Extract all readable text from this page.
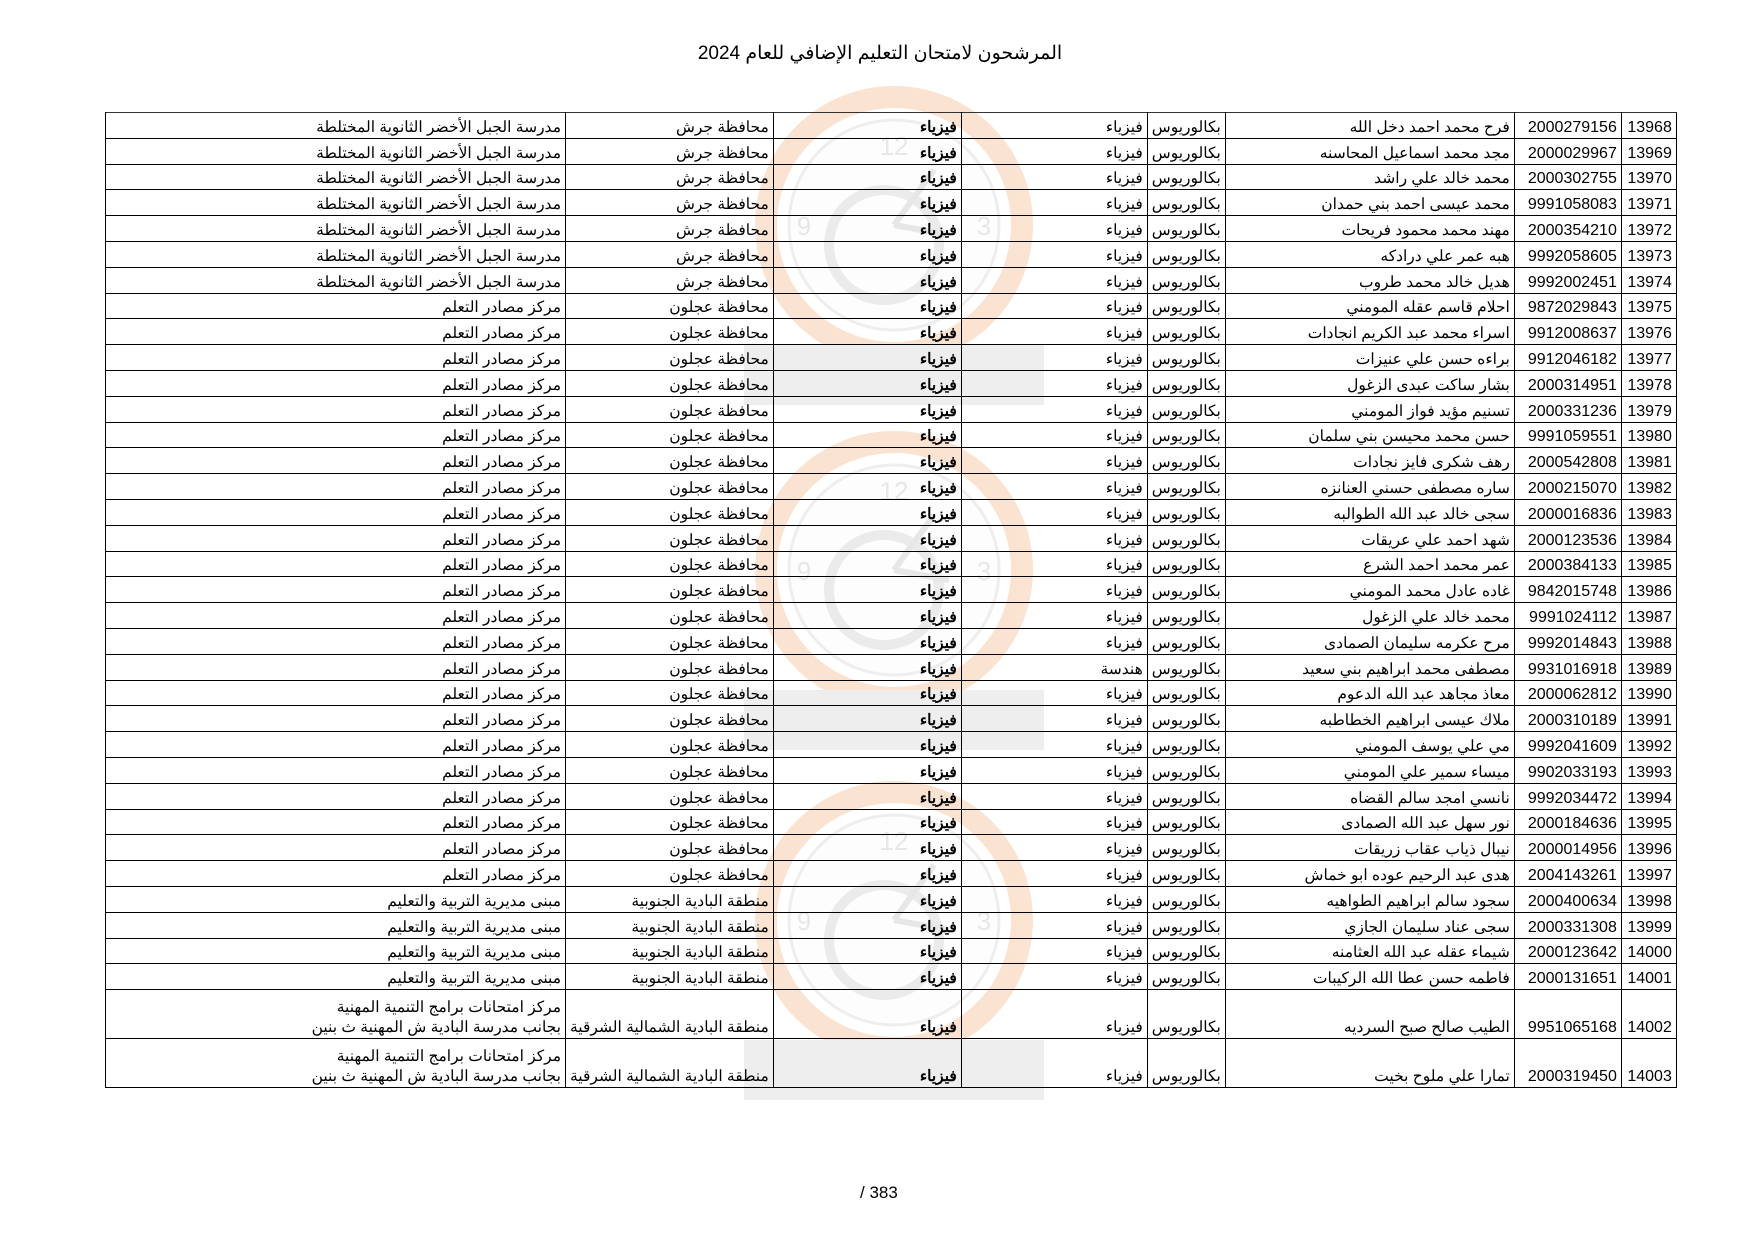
12
9	3
12
9	3
12
9	3
المرشحون لامتحان التعليم الإضافي للعام 2024
13968	2000279156	فرح محمد احمد دخل الله	بكالوريوس	فيزياء	فيزياء	محافظة جرش	مدرسة الجبل الأخضر الثانوية المختلطة

13969	2000029967	مجد محمد اسماعيل المحاسنه	بكالوريوس	فيزياء	فيزياء	محافظة جرش	مدرسة الجبل الأخضر الثانوية المختلطة

13970	2000302755	محمد خالد علي راشد	بكالوريوس	فيزياء	فيزياء	محافظة جرش	مدرسة الجبل الأخضر الثانوية المختلطة

13971	9991058083	محمد عيسى احمد بني حمدان	بكالوريوس	فيزياء	فيزياء	محافظة جرش	مدرسة الجبل الأخضر الثانوية المختلطة

13972	2000354210	مهند محمد محمود فريحات	بكالوريوس	فيزياء	فيزياء	محافظة جرش	مدرسة الجبل الأخضر الثانوية المختلطة

13973	9992058605	هبه عمر علي درادكه	بكالوريوس	فيزياء	فيزياء	محافظة جرش	مدرسة الجبل الأخضر الثانوية المختلطة

13974	9992002451	هديل خالد محمد طروب	بكالوريوس	فيزياء	فيزياء	محافظة جرش	مدرسة الجبل الأخضر الثانوية المختلطة

13975	9872029843	احلام قاسم عقله المومني	بكالوريوس	فيزياء	فيزياء	محافظة عجلون	مركز مصادر التعلم

13976	9912008637	اسراء محمد عبد الكريم انجادات	بكالوريوس	فيزياء	فيزياء	محافظة عجلون	مركز مصادر التعلم

13977	9912046182	براءه حسن علي عنيزات	بكالوريوس	فيزياء	فيزياء	محافظة عجلون	مركز مصادر التعلم

13978	2000314951	بشار ساكت عبدى الزغول	بكالوريوس	فيزياء	فيزياء	محافظة عجلون	مركز مصادر التعلم

13979	2000331236	تسنيم مؤيد فواز المومني	بكالوريوس	فيزياء	فيزياء	محافظة عجلون	مركز مصادر التعلم

13980	9991059551	حسن محمد محيسن بني سلمان	بكالوريوس	فيزياء	فيزياء	محافظة عجلون	مركز مصادر التعلم

13981	2000542808	رهف شكرى فايز نجادات	بكالوريوس	فيزياء	فيزياء	محافظة عجلون	مركز مصادر التعلم

13982	2000215070	ساره مصطفى حسني العنانزه	بكالوريوس	فيزياء	فيزياء	محافظة عجلون	مركز مصادر التعلم

13983	2000016836	سجى خالد عبد الله الطوالبه	بكالوريوس	فيزياء	فيزياء	محافظة عجلون	مركز مصادر التعلم

13984	2000123536	شهد احمد علي عريقات	بكالوريوس	فيزياء	فيزياء	محافظة عجلون	مركز مصادر التعلم

13985	2000384133	عمر محمد احمد الشرع	بكالوريوس	فيزياء	فيزياء	محافظة عجلون	مركز مصادر التعلم

13986	9842015748	غاده عادل محمد المومني	بكالوريوس	فيزياء	فيزياء	محافظة عجلون	مركز مصادر التعلم

13987	9991024112	محمد خالد علي الزغول	بكالوريوس	فيزياء	فيزياء	محافظة عجلون	مركز مصادر التعلم

13988	9992014843	مرح عكرمه سليمان الصمادى	بكالوريوس	فيزياء	فيزياء	محافظة عجلون	مركز مصادر التعلم

13989	9931016918	مصطفى محمد ابراهيم بني سعيد	بكالوريوس	هندسة	فيزياء	محافظة عجلون	مركز مصادر التعلم

13990	2000062812	معاذ مجاهد عبد الله الدعوم	بكالوريوس	فيزياء	فيزياء	محافظة عجلون	مركز مصادر التعلم

13991	2000310189	ملاك عيسى ابراهيم الخطاطبه	بكالوريوس	فيزياء	فيزياء	محافظة عجلون	مركز مصادر التعلم

13992	9992041609	مي علي يوسف المومني	بكالوريوس	فيزياء	فيزياء	محافظة عجلون	مركز مصادر التعلم

13993	9902033193	ميساء سمير علي المومني	بكالوريوس	فيزياء	فيزياء	محافظة عجلون	مركز مصادر التعلم

13994	9992034472	نانسي امجد سالم القضاه	بكالوريوس	فيزياء	فيزياء	محافظة عجلون	مركز مصادر التعلم

13995	2000184636	نور سهل عبد الله الصمادى	بكالوريوس	فيزياء	فيزياء	محافظة عجلون	مركز مصادر التعلم

13996	2000014956	نيبال ذياب عقاب زريقات	بكالوريوس	فيزياء	فيزياء	محافظة عجلون	مركز مصادر التعلم

13997	2004143261	هدى عبد الرحيم عوده ابو خماش	بكالوريوس	فيزياء	فيزياء	محافظة عجلون	مركز مصادر التعلم

13998	2000400634	سجود سالم ابراهيم الطواهيه	بكالوريوس	فيزياء	فيزياء	منطقة البادية الجنوبية	مبنى مديرية التربية والتعليم

13999	2000331308	سجى عناد سليمان الجازي	بكالوريوس	فيزياء	فيزياء	منطقة البادية الجنوبية	مبنى مديرية التربية والتعليم

14000	2000123642	شيماء عقله عبد الله العثامنه	بكالوريوس	فيزياء	فيزياء	منطقة البادية الجنوبية	مبنى مديرية التربية والتعليم

14001	2000131651	فاطمه حسن عطا الله الركيبات	بكالوريوس	فيزياء	فيزياء	منطقة البادية الجنوبية	مبنى مديرية التربية والتعليم

14002	9951065168	الطيب صالح صبح السرديه	بكالوريوس	فيزياء	فيزياء	منطقة البادية الشمالية الشرقية	مركز امتحانات برامج التنمية المهنية
بجانب مدرسة البادية ش المهنية ث بنين

14003	2000319450	تمارا علي ملوح بخيت	بكالوريوس	فيزياء	فيزياء	منطقة البادية الشمالية الشرقية	مركز امتحانات برامج التنمية المهنية
بجانب مدرسة البادية ش المهنية ث بنين
383 /
